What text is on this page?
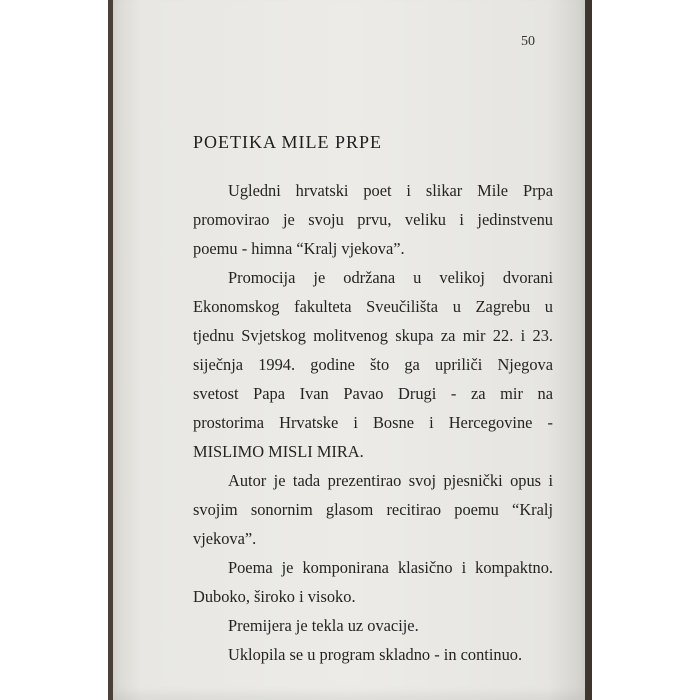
50
POETIKA MILE PRPE
Ugledni hrvatski poet i slikar Mile Prpa
promovirao je svoju prvu, veliku i jedinstvenu
poemu - himna “Kralj vjekova”.
Promocija je održana u velikoj dvorani
Ekonomskog fakulteta Sveučilišta u Zagrebu u
tjednu Svjetskog molitvenog skupa za mir 22. i 23.
siječnja 1994. godine što ga upriliči Njegova
svetost Papa Ivan Pavao Drugi - za mir na
prostorima Hrvatske i Bosne i Hercegovine -
MISLIMO MISLI MIRA.
Autor je tada prezentirao svoj pjesnički opus i
svojim sonornim glasom recitirao poemu “Kralj
vjekova”.
Poema je komponirana klasično i kompaktno.
Duboko, široko i visoko.
Premijera je tekla uz ovacije.
Uklopila se u program skladno - in continuo.
